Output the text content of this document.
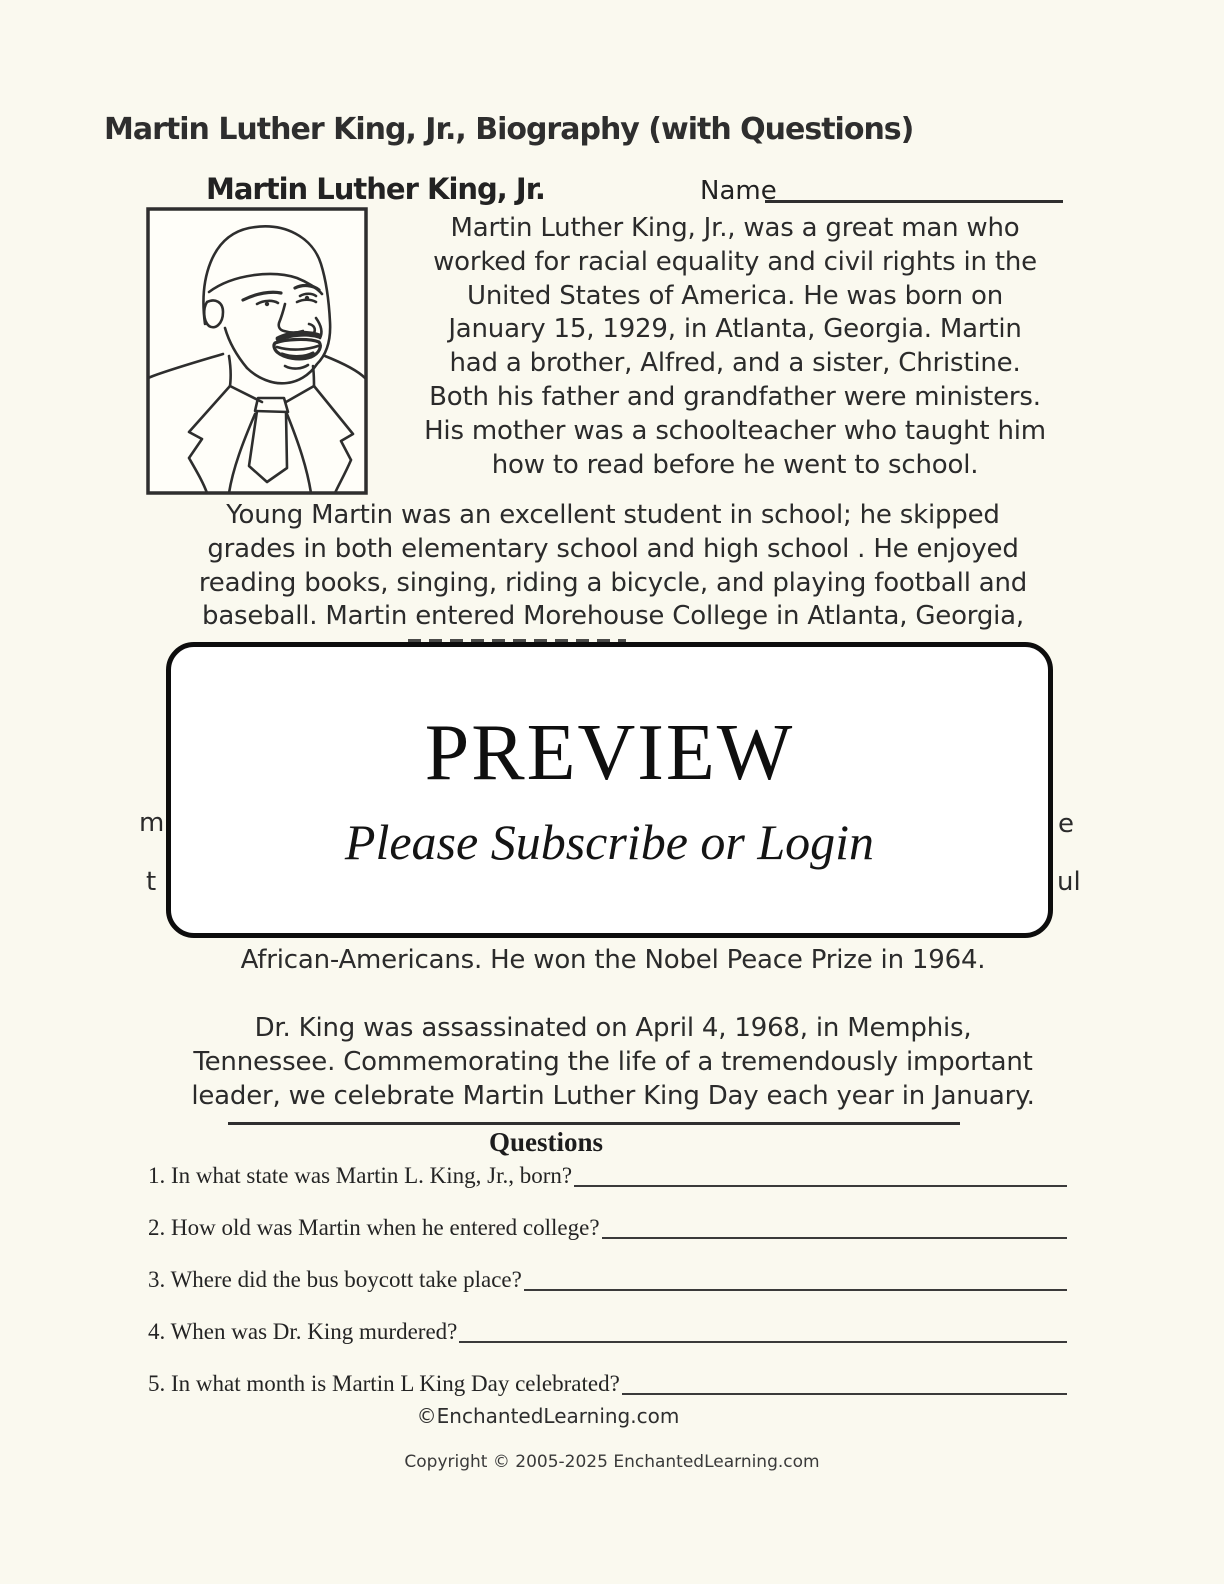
Martin Luther King, Jr., Biography (with Questions)
Martin Luther King, Jr.	Name
Martin Luther King, Jr., was a great man who
worked for racial equality and civil rights in the
United States of America. He was born on
January 15, 1929, in Atlanta, Georgia. Martin
had a brother, Alfred, and a sister, Christine.
Both his father and grandfather were ministers.
His mother was a schoolteacher who taught him
how to read before he went to school.
Young Martin was an excellent student in school; he skipped
grades in both elementary school and high school . He enjoyed
reading books, singing, riding a bicycle, and playing football and
baseball. Martin entered Morehouse College in Atlanta, Georgia,
m
t
e
ul
PREVIEW
Please Subscribe or Login
African-Americans. He won the Nobel Peace Prize in 1964.
Dr. King was assassinated on April 4, 1968, in Memphis,
Tennessee. Commemorating the life of a tremendously important
leader, we celebrate Martin Luther King Day each year in January.
Questions
1. In what state was Martin L. King, Jr., born?
2. How old was Martin when he entered college?
3. Where did the bus boycott take place?
4. When was Dr. King murdered?
5. In what month is Martin L King Day celebrated?
©EnchantedLearning.com
Copyright © 2005-2025 EnchantedLearning.com
